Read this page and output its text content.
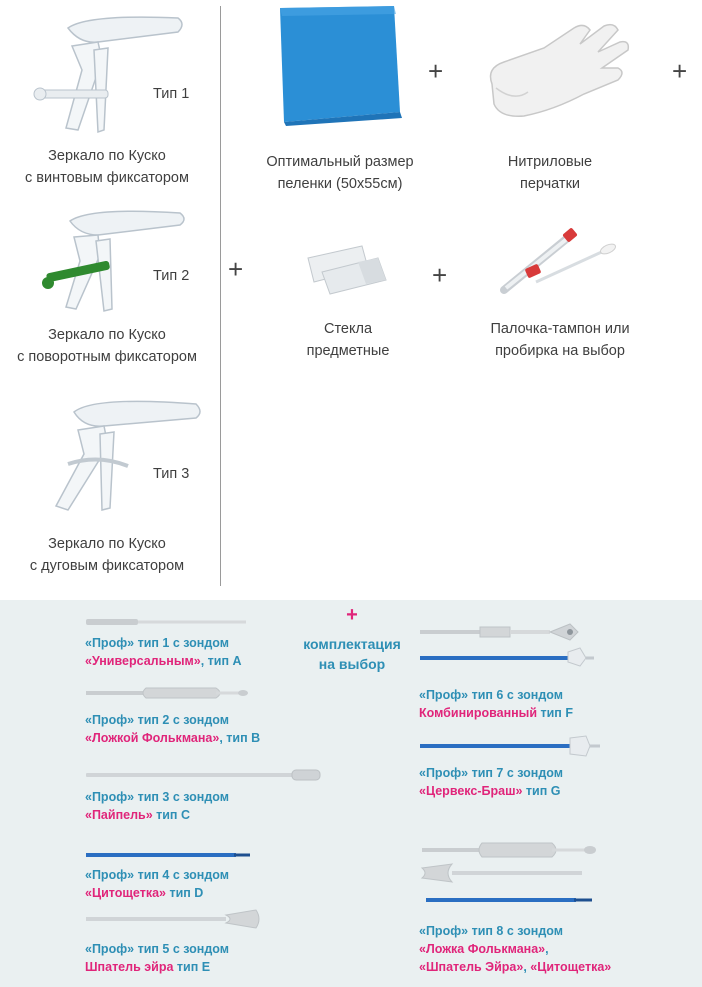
Тип 1
Зеркало по Куско
с винтовым фиксатором
Тип 2
Зеркало по Куско
с поворотным фиксатором
Тип 3
Зеркало по Куско
с дуговым фиксатором
+
Оптимальный размер
пеленки (50х55см)
+
Нитриловые
перчатки
+	+
Стекла
предметные
Палочка-тампон или
пробирка на выбор
«Проф» тип 1 с зондом
«Универсальным», тип А
«Проф» тип 2 с зондом
«Ложкой Фолькмана», тип B
«Проф» тип 3 с зондом
«Пайпель» тип C
«Проф» тип 4 с зондом
«Цитощетка» тип D
«Проф» тип 5 с зондом
Шпатель эйра тип E
+
комплектация
на выбор
«Проф» тип 6 с зондом
Комбинированный тип F
«Проф» тип 7 с зондом
«Цервекс-Браш» тип G
«Проф» тип 8 с зондом
«Ложка Фолькмана»,
«Шпатель Эйра», «Цитощетка»
